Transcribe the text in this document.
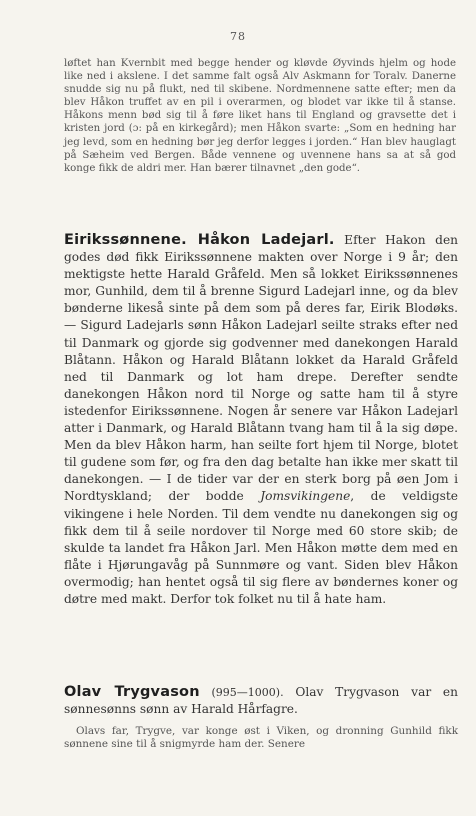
78
løftet han Kvernbit med begge hender og kløvde Øyvinds hjelm og hode like ned i akslene. I det samme falt også Alv Askmann for Toralv. Danerne snudde sig nu på flukt, ned til skibene. Nordmennene satte efter; men da blev Håkon truffet av en pil i overarmen, og blodet var ikke til å stanse. Håkons menn bød sig til å føre liket hans til England og gravsette det i kristen jord (ɔ: på en kirkegård); men Håkon svarte: „Som en hedning har jeg levd, som en hedning bør jeg derfor legges i jorden.“ Han blev hauglagt på Sæheim ved Bergen. Både vennene og uvennene hans sa at så god konge fikk de aldri mer. Han bærer tilnavnet „den gode“.

Eirikssønnene. Håkon Ladejarl. Efter Hakon den godes død fikk Eirikssønnene makten over Norge i 9 år; den mektigste hette Harald Gråfeld. Men så lokket Eirikssønnenes mor, Gunhild, dem til å brenne Sigurd Ladejarl inne, og da blev bønderne likeså sinte på dem som på deres far, Eirik Blodøks. — Sigurd Ladejarls sønn Håkon Ladejarl seilte straks efter ned til Danmark og gjorde sig godvenner med danekongen Harald Blåtann. Håkon og Harald Blåtann lokket da Harald Gråfeld ned til Danmark og lot ham drepe. Derefter sendte danekongen Håkon nord til Norge og satte ham til å styre istedenfor Eirikssønnene. Nogen år senere var Håkon Ladejarl atter i Danmark, og Harald Blåtann tvang ham til å la sig døpe. Men da blev Håkon harm, han seilte fort hjem til Norge, blotet til gudene som før, og fra den dag betalte han ikke mer skatt til danekongen. — I de tider var der en sterk borg på øen Jom i Nordtyskland; der bodde Jomsvikingene, de veldigste vikingene i hele Norden. Til dem vendte nu danekongen sig og fikk dem til å seile nordover til Norge med 60 store skib; de skulde ta landet fra Håkon Jarl. Men Håkon møtte dem med en flåte i Hjørungavåg på Sunnmøre og vant. Siden blev Håkon overmodig; han hentet også til sig flere av bøndernes koner og døtre med makt. Derfor tok folket nu til å hate ham.

Olav Trygvason (995—1000). Olav Trygvason var en sønnesønns sønn av Harald Hårfagre.

Olavs far, Trygve, var konge øst i Viken, og dronning Gunhild fikk sønnene sine til å snigmyrde ham der. Senere
